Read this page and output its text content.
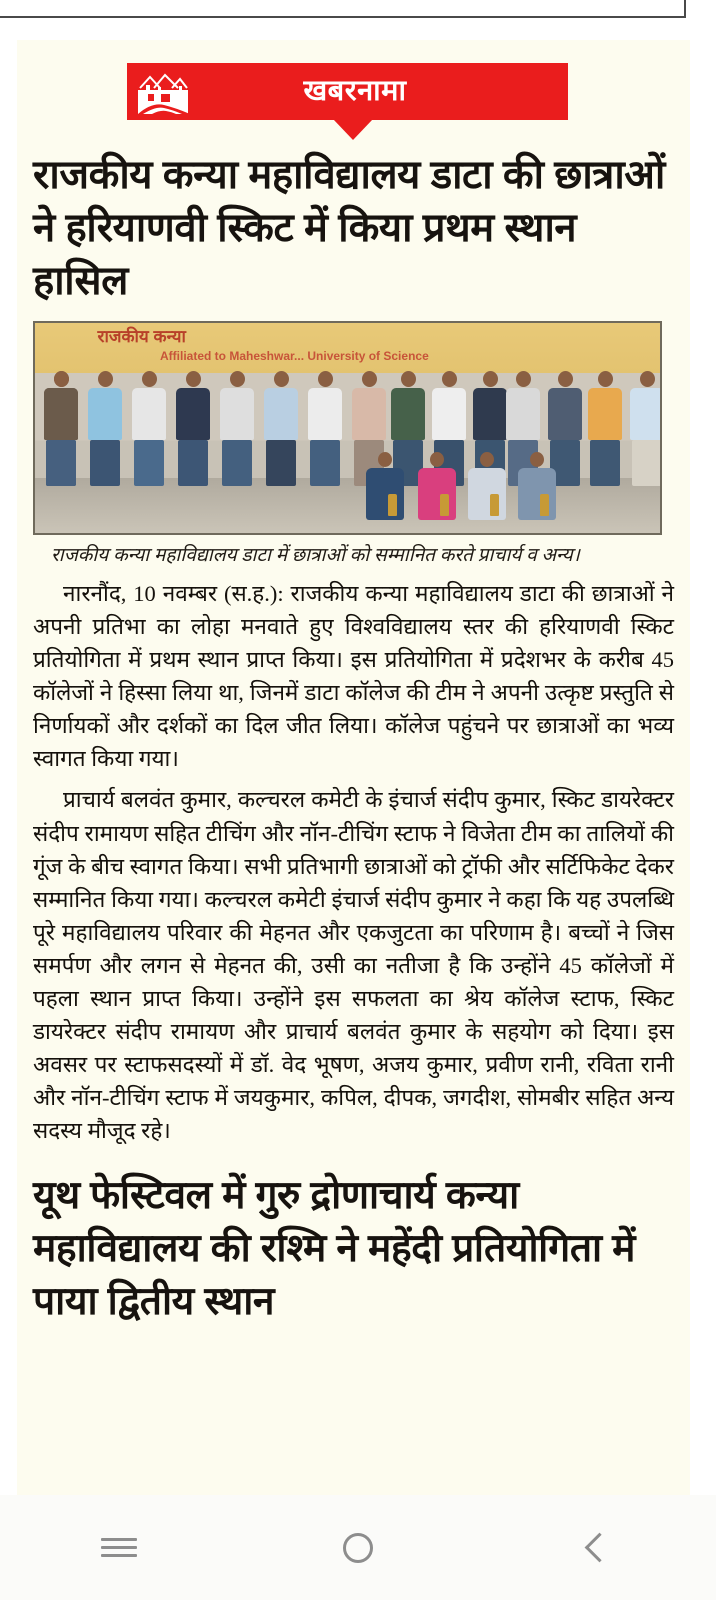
खबरनामा
राजकीय कन्या महाविद्यालय डाटा की छात्राओं ने हरियाणवी स्किट में किया प्रथम स्थान हासिल
राजकीय कन्या
Affiliated to Maheshwar... University of Science
राजकीय कन्या महाविद्यालय डाटा में छात्राओं को सम्मानित करते प्राचार्य व अन्य।

नारनौंद, 10 नवम्बर (स.ह.): राजकीय कन्या महाविद्यालय डाटा की छात्राओं ने अपनी प्रतिभा का लोहा मनवाते हुए विश्वविद्यालय स्तर की हरियाणवी स्किट प्रतियोगिता में प्रथम स्थान प्राप्त किया। इस प्रतियोगिता में प्रदेशभर के करीब 45 कॉलेजों ने हिस्सा लिया था, जिनमें डाटा कॉलेज की टीम ने अपनी उत्कृष्ट प्रस्तुति से निर्णायकों और दर्शकों का दिल जीत लिया। कॉलेज पहुंचने पर छात्राओं का भव्य स्वागत किया गया।

प्राचार्य बलवंत कुमार, कल्चरल कमेटी के इंचार्ज संदीप कुमार, स्किट डायरेक्टर संदीप रामायण सहित टीचिंग और नॉन-टीचिंग स्टाफ ने विजेता टीम का तालियों की गूंज के बीच स्वागत किया। सभी प्रतिभागी छात्राओं को ट्रॉफी और सर्टिफिकेट देकर सम्मानित किया गया। कल्चरल कमेटी इंचार्ज संदीप कुमार ने कहा कि यह उपलब्धि पूरे महाविद्यालय परिवार की मेहनत और एकजुटता का परिणाम है। बच्चों ने जिस समर्पण और लगन से मेहनत की, उसी का नतीजा है कि उन्होंने 45 कॉलेजों में पहला स्थान प्राप्त किया। उन्होंने इस सफलता का श्रेय कॉलेज स्टाफ, स्किट डायरेक्टर संदीप रामायण और प्राचार्य बलवंत कुमार के सहयोग को दिया। इस अवसर पर स्टाफसदस्यों में डॉ. वेद भूषण, अजय कुमार, प्रवीण रानी, रविता रानी और नॉन-टीचिंग स्टाफ में जयकुमार, कपिल, दीपक, जगदीश, सोमबीर सहित अन्य सदस्य मौजूद रहे।

यूथ फेस्टिवल में गुरु द्रोणाचार्य कन्या महाविद्यालय की रश्मि ने महेंदी प्रतियोगिता में पाया द्वितीय स्थान
